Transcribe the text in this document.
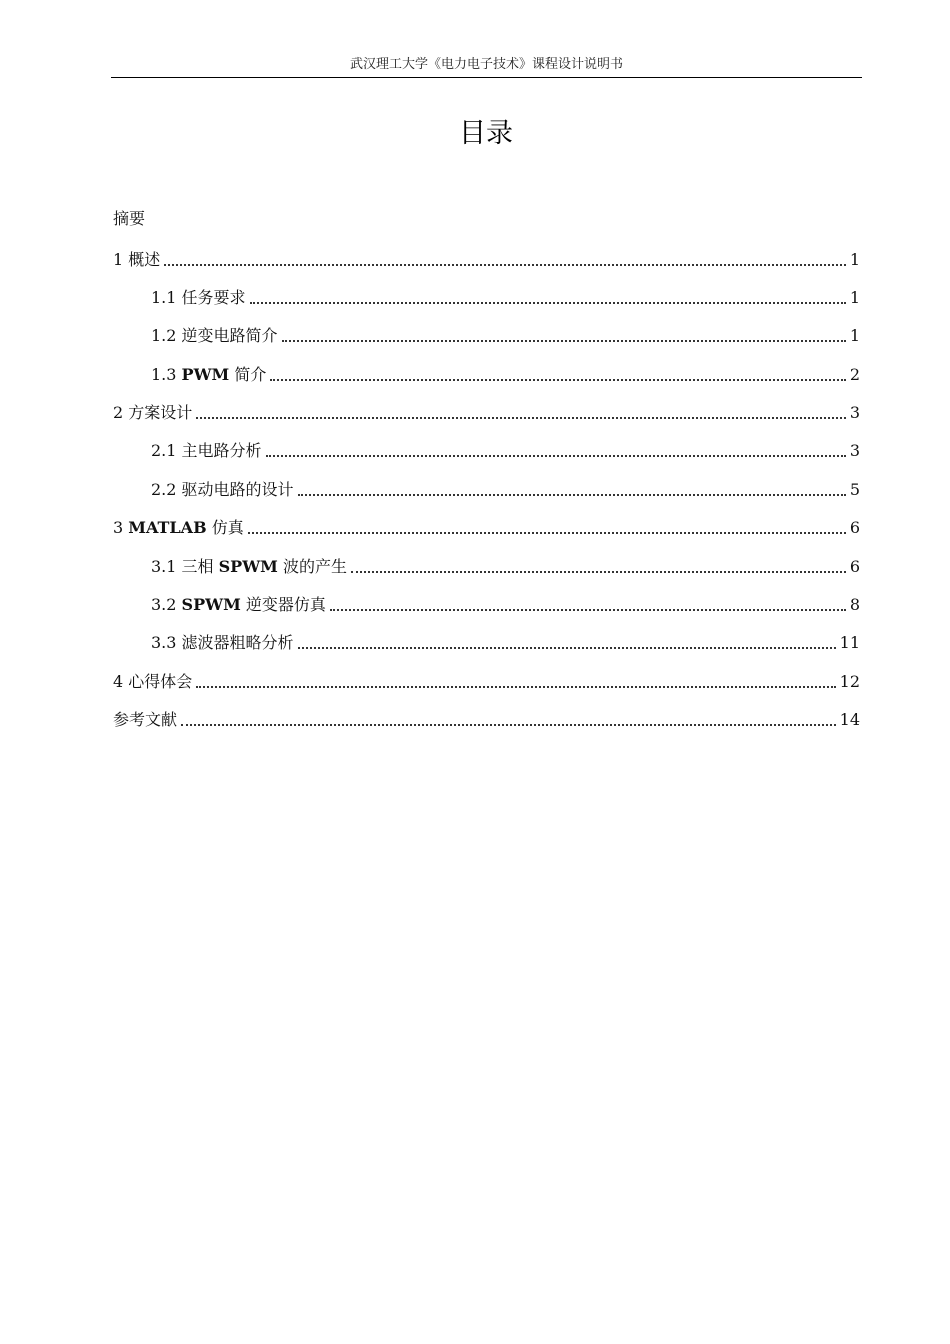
武汉理工大学《电力电子技术》课程设计说明书
目录
摘要
1 概述	1
1.1 任务要求	1
1.2 逆变电路简介	1
1.3 PWM 简介	2
2 方案设计	3
2.1 主电路分析	3
2.2 驱动电路的设计	5
3 MATLAB 仿真	6
3.1 三相 SPWM 波的产生	6
3.2 SPWM 逆变器仿真	8
3.3 滤波器粗略分析	11
4 心得体会	12
参考文献	14
